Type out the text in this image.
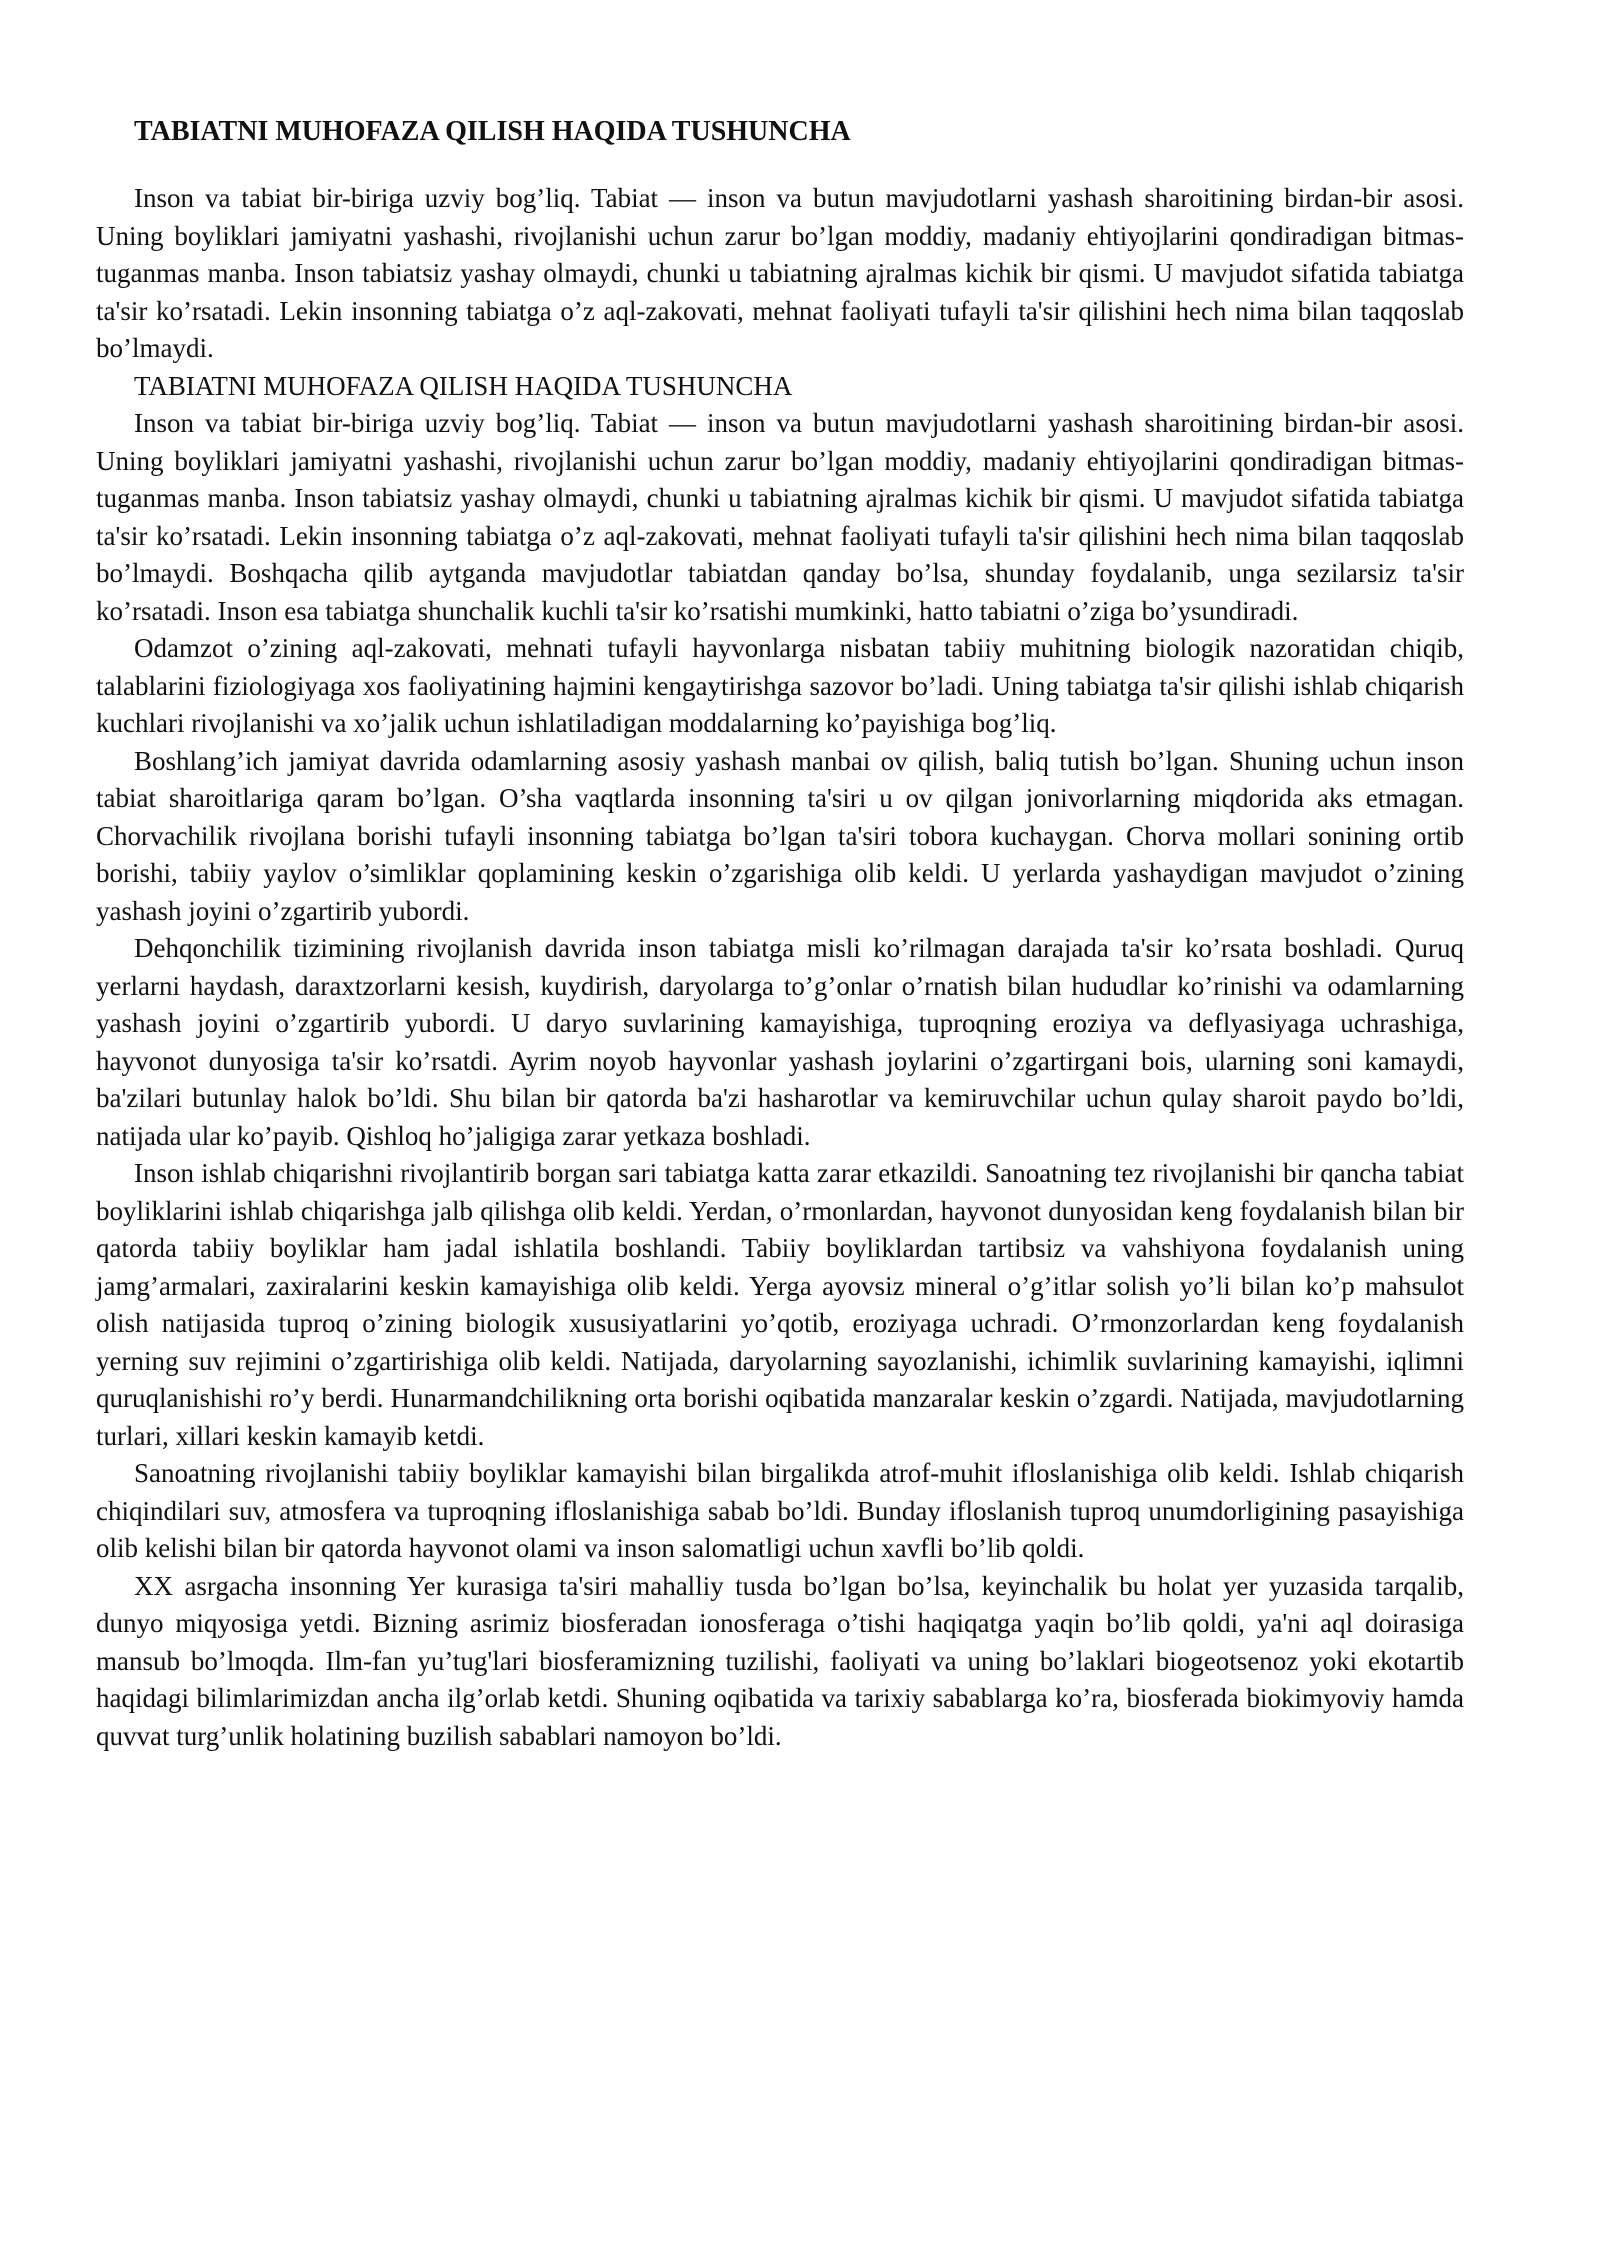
TABIATNI MUHOFAZA QILISH HAQIDA TUSHUNCHA

Inson va tabiat bir-biriga uzviy bog’liq. Tabiat — inson va butun mavjudotlarni yashash sharoitining birdan-bir asosi. Uning boyliklari jamiyatni yashashi, rivojlanishi uchun zarur bo’lgan moddiy, madaniy ehtiyojlarini qondiradigan bitmas-tuganmas manba. Inson tabiatsiz yashay olmaydi, chunki u tabiatning ajralmas kichik bir qismi. U mavjudot sifatida tabiatga ta'sir ko’rsatadi. Lekin insonning tabiatga o’z aql-zakovati, mehnat faoliyati tufayli ta'sir qilishini hech nima bilan taqqoslab bo’lmaydi.

TABIATNI MUHOFAZA QILISH HAQIDA TUSHUNCHA

Inson va tabiat bir-biriga uzviy bog’liq. Tabiat — inson va butun mavjudotlarni yashash sharoitining birdan-bir asosi. Uning boyliklari jamiyatni yashashi, rivojlanishi uchun zarur bo’lgan moddiy, madaniy ehtiyojlarini qondiradigan bitmas-tuganmas manba. Inson tabiatsiz yashay olmaydi, chunki u tabiatning ajralmas kichik bir qismi. U mavjudot sifatida tabiatga ta'sir ko’rsatadi. Lekin insonning tabiatga o’z aql-zakovati, mehnat faoliyati tufayli ta'sir qilishini hech nima bilan taqqoslab bo’lmaydi. Boshqacha qilib aytganda mavjudotlar tabiatdan qanday bo’lsa, shunday foydalanib, unga sezilarsiz ta'sir ko’rsatadi. Inson esa tabiatga shunchalik kuchli ta'sir ko’rsatishi mumkinki, hatto tabiatni o’ziga bo’ysundiradi.

Odamzot o’zining aql-zakovati, mehnati tufayli hayvonlarga nisbatan tabiiy muhitning biologik nazoratidan chiqib, talablarini fiziologiyaga xos faoliyatining hajmini kengaytirishga sazovor bo’ladi. Uning tabiatga ta'sir qilishi ishlab chiqarish kuchlari rivojlanishi va xo’jalik uchun ishlatiladigan moddalarning ko’payishiga bog’liq.

Boshlang’ich jamiyat davrida odamlarning asosiy yashash manbai ov qilish, baliq tutish bo’lgan. Shuning uchun inson tabiat sharoitlariga qaram bo’lgan. O’sha vaqtlarda insonning ta'siri u ov qilgan jonivorlarning miqdorida aks etmagan. Chorvachilik rivojlana borishi tufayli insonning tabiatga bo’lgan ta'siri tobora kuchaygan. Chorva mollari sonining ortib borishi, tabiiy yaylov o’simliklar qoplamining keskin o’zgarishiga olib keldi. U yerlarda yashaydigan mavjudot o’zining yashash joyini o’zgartirib yubordi.

Dehqonchilik tizimining rivojlanish davrida inson tabiatga misli ko’rilmagan darajada ta'sir ko’rsata boshladi. Quruq yerlarni haydash, daraxtzorlarni kesish, kuydirish, daryolarga to’g’onlar o’rnatish bilan hududlar ko’rinishi va odamlarning yashash joyini o’zgartirib yubordi. U daryo suvlarining kamayishiga, tuproqning eroziya va deflyasiyaga uchrashiga, hayvonot dunyosiga ta'sir ko’rsatdi. Ayrim noyob hayvonlar yashash joylarini o’zgartirgani bois, ularning soni kamaydi, ba'zilari butunlay halok bo’ldi. Shu bilan bir qatorda ba'zi hasharotlar va kemiruvchilar uchun qulay sharoit paydo bo’ldi, natijada ular ko’payib. Qishloq ho’jaligiga zarar yetkaza boshladi.

Inson ishlab chiqarishni rivojlantirib borgan sari tabiatga katta zarar etkazildi. Sanoatning tez rivojlanishi bir qancha tabiat boyliklarini ishlab chiqarishga jalb qilishga olib keldi. Yerdan, o’rmonlardan, hayvonot dunyosidan keng foydalanish bilan bir qatorda tabiiy boyliklar ham jadal ishlatila boshlandi. Tabiiy boyliklardan tartibsiz va vahshiyona foydalanish uning jamg’armalari, zaxiralarini keskin kamayishiga olib keldi. Yerga ayovsiz mineral o’g’itlar solish yo’li bilan ko’p mahsulot olish natijasida tuproq o’zining biologik xususiyatlarini yo’qotib, eroziyaga uchradi. O’rmonzorlardan keng foydalanish yerning suv rejimini o’zgartirishiga olib keldi. Natijada, daryolarning sayozlanishi, ichimlik suvlarining kamayishi, iqlimni quruqlanishishi ro’y berdi. Hunarmandchilikning orta borishi oqibatida manzaralar keskin o’zgardi. Natijada, mavjudotlarning turlari, xillari keskin kamayib ketdi.

Sanoatning rivojlanishi tabiiy boyliklar kamayishi bilan birgalikda atrof-muhit ifloslanishiga olib keldi. Ishlab chiqarish chiqindilari suv, atmosfera va tuproqning ifloslanishiga sabab bo’ldi. Bunday ifloslanish tuproq unumdorligining pasayishiga olib kelishi bilan bir qatorda hayvonot olami va inson salomatligi uchun xavfli bo’lib qoldi.

XX asrgacha insonning Yer kurasiga ta'siri mahalliy tusda bo’lgan bo’lsa, keyinchalik bu holat yer yuzasida tarqalib, dunyo miqyosiga yetdi. Bizning asrimiz biosferadan ionosferaga o’tishi haqiqatga yaqin bo’lib qoldi, ya'ni aql doirasiga mansub bo’lmoqda. Ilm-fan yu’tug'lari biosferamizning tuzilishi, faoliyati va uning bo’laklari biogeotsenoz yoki ekotartib haqidagi bilimlarimizdan ancha ilg’orlab ketdi. Shuning oqibatida va tarixiy sabablarga ko’ra, biosferada biokimyoviy hamda quvvat turg’unlik holatining buzilish sabablari namoyon bo’ldi.
